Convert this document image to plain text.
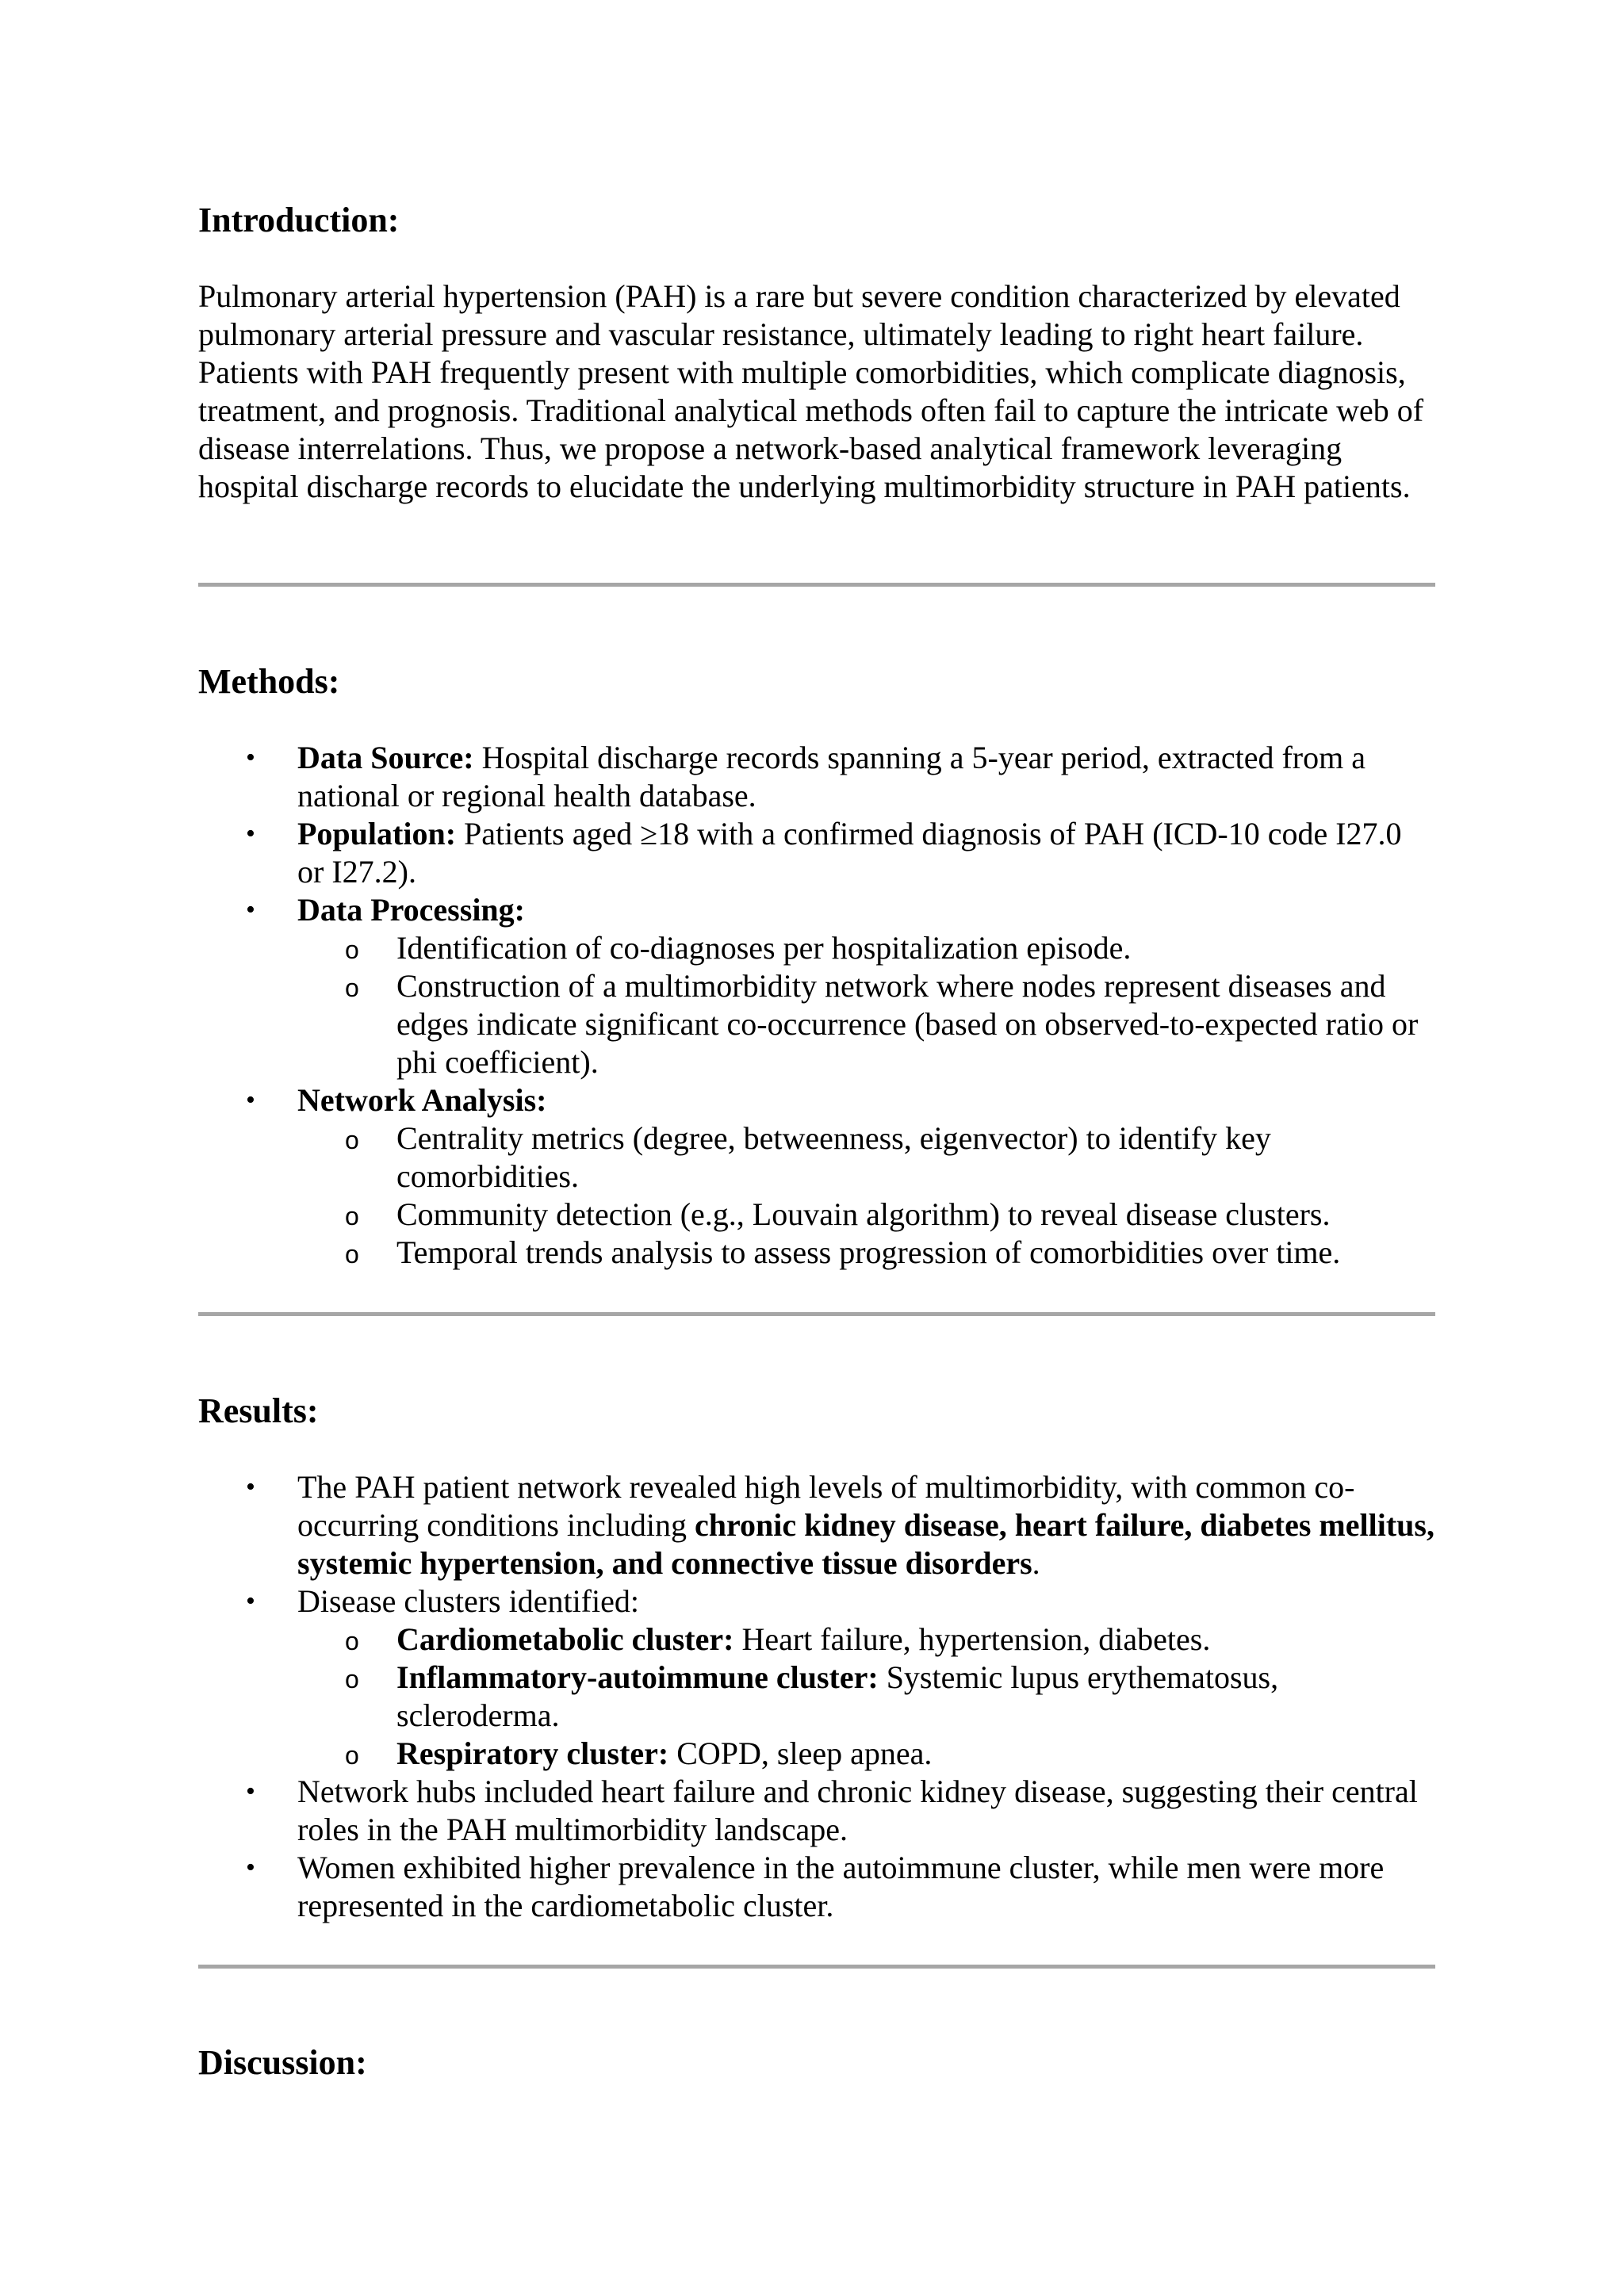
Introduction:

Pulmonary arterial hypertension (PAH) is a rare but severe condition characterized by elevated pulmonary arterial pressure and vascular resistance, ultimately leading to right heart failure. Patients with PAH frequently present with multiple comorbidities, which complicate diagnosis, treatment, and prognosis. Traditional analytical methods often fail to capture the intricate web of disease interrelations. Thus, we propose a network-based analytical framework leveraging hospital discharge records to elucidate the underlying multimorbidity structure in PAH patients.

Methods:
• Data Source: Hospital discharge records spanning a 5-year period, extracted from a national or regional health database.
• Population: Patients aged ≥18 with a confirmed diagnosis of PAH (ICD-10 code I27.0 or I27.2).
• Data Processing:
o Identification of co-diagnoses per hospitalization episode.
o Construction of a multimorbidity network where nodes represent diseases and edges indicate significant co-occurrence (based on observed-to-expected ratio or phi coefficient).
• Network Analysis:
o Centrality metrics (degree, betweenness, eigenvector) to identify key comorbidities.
o Community detection (e.g., Louvain algorithm) to reveal disease clusters.
o Temporal trends analysis to assess progression of comorbidities over time.
Results:
• The PAH patient network revealed high levels of multimorbidity, with common co-occurring conditions including chronic kidney disease, heart failure, diabetes mellitus, systemic hypertension, and connective tissue disorders.
• Disease clusters identified:
o Cardiometabolic cluster: Heart failure, hypertension, diabetes.
o Inflammatory-autoimmune cluster: Systemic lupus erythematosus, scleroderma.
o Respiratory cluster: COPD, sleep apnea.
• Network hubs included heart failure and chronic kidney disease, suggesting their central roles in the PAH multimorbidity landscape.
• Women exhibited higher prevalence in the autoimmune cluster, while men were more represented in the cardiometabolic cluster.
Discussion:
